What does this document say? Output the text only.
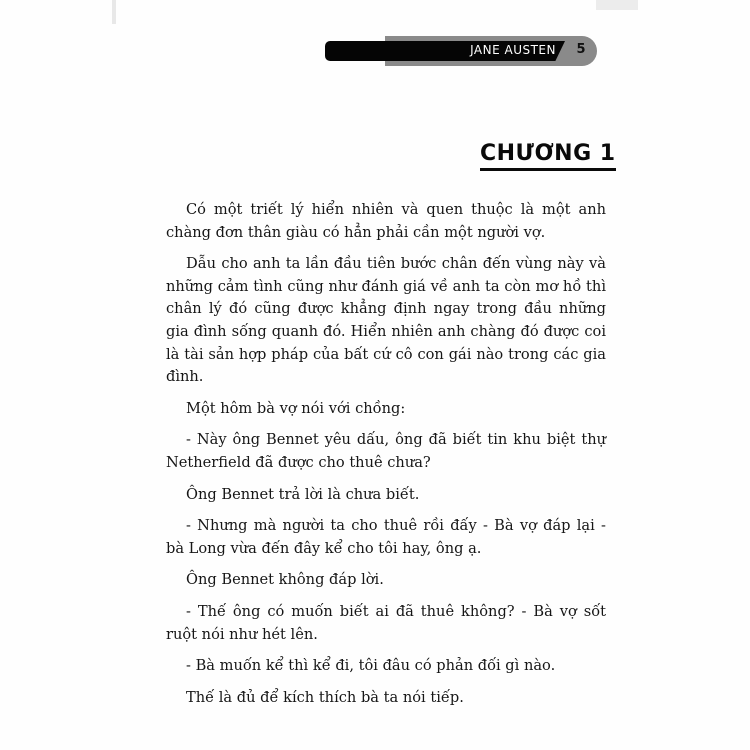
JANE AUSTEN	5
CHƯƠNG 1

Có một triết lý hiển nhiên và quen thuộc là một anh chàng đơn thân giàu có hẳn phải cần một người vợ.

Dẫu cho anh ta lần đầu tiên bước chân đến vùng này và những cảm tình cũng như đánh giá về anh ta còn mơ hồ thì chân lý đó cũng được khẳng định ngay trong đầu những gia đình sống quanh đó. Hiển nhiên anh chàng đó được coi là tài sản hợp pháp của bất cứ cô con gái nào trong các gia đình.

Một hôm bà vợ nói với chồng:

- Này ông Bennet yêu dấu, ông đã biết tin khu biệt thự Netherfield đã được cho thuê chưa?

Ông Bennet trả lời là chưa biết.

- Nhưng mà người ta cho thuê rồi đấy - Bà vợ đáp lại - bà Long vừa đến đây kể cho tôi hay, ông ạ.

Ông Bennet không đáp lời.

- Thế ông có muốn biết ai đã thuê không? - Bà vợ sốt ruột nói như hét lên.

- Bà muốn kể thì kể đi, tôi đâu có phản đối gì nào.

Thế là đủ để kích thích bà ta nói tiếp.
